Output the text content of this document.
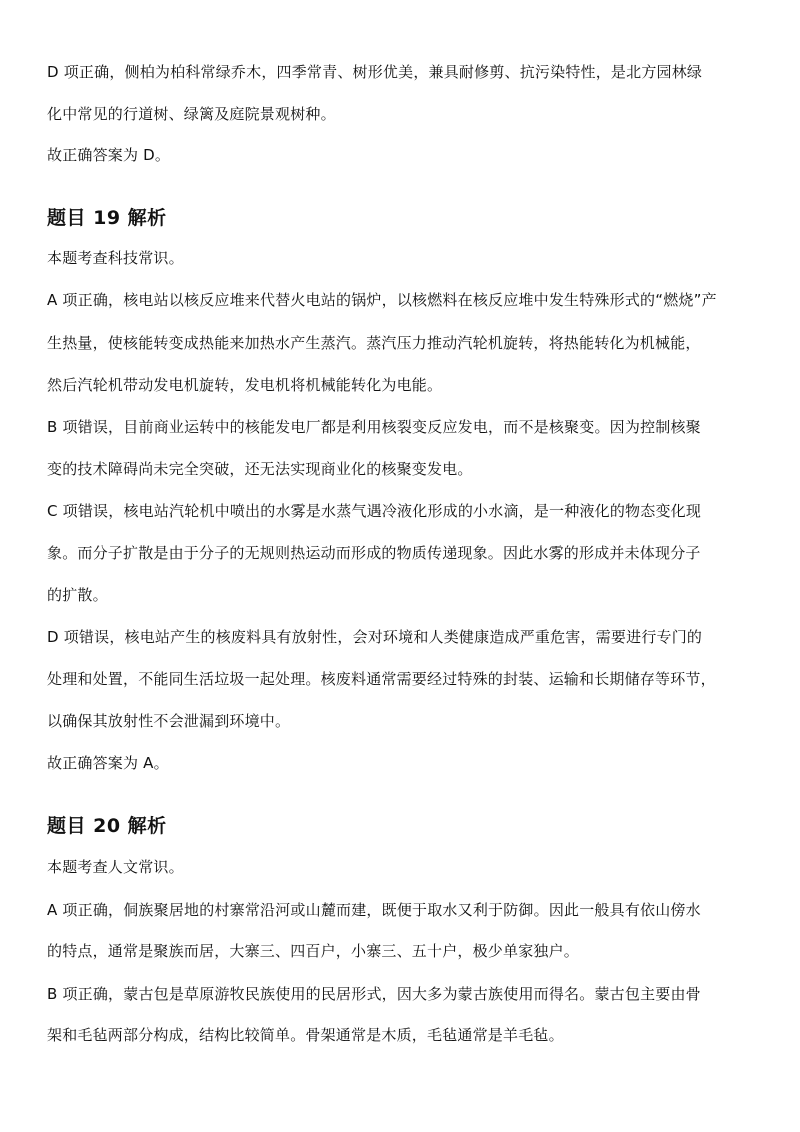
D 项正确，侧柏为柏科常绿乔木，四季常青、树形优美，兼具耐修剪、抗污染特性，是北方园林绿
化中常见的行道树、绿篱及庭院景观树种。
故正确答案为 D。
题目 19 解析
本题考查科技常识。
A 项正确，核电站以核反应堆来代替火电站的锅炉，以核燃料在核反应堆中发生特殊形式的“燃烧”产
生热量，使核能转变成热能来加热水产生蒸汽。蒸汽压力推动汽轮机旋转，将热能转化为机械能，
然后汽轮机带动发电机旋转，发电机将机械能转化为电能。
B 项错误，目前商业运转中的核能发电厂都是利用核裂变反应发电，而不是核聚变。因为控制核聚
变的技术障碍尚未完全突破，还无法实现商业化的核聚变发电。
C 项错误，核电站汽轮机中喷出的水雾是水蒸气遇冷液化形成的小水滴，是一种液化的物态变化现
象。而分子扩散是由于分子的无规则热运动而形成的物质传递现象。因此水雾的形成并未体现分子
的扩散。
D 项错误，核电站产生的核废料具有放射性，会对环境和人类健康造成严重危害，需要进行专门的
处理和处置，不能同生活垃圾一起处理。核废料通常需要经过特殊的封装、运输和长期储存等环节，
以确保其放射性不会泄漏到环境中。
故正确答案为 A。
题目 20 解析
本题考查人文常识。
A 项正确，侗族聚居地的村寨常沿河或山麓而建，既便于取水又利于防御。因此一般具有依山傍水
的特点，通常是聚族而居，大寨三、四百户，小寨三、五十户，极少单家独户。
B 项正确，蒙古包是草原游牧民族使用的民居形式，因大多为蒙古族使用而得名。蒙古包主要由骨
架和毛毡两部分构成，结构比较简单。骨架通常是木质，毛毡通常是羊毛毡。
